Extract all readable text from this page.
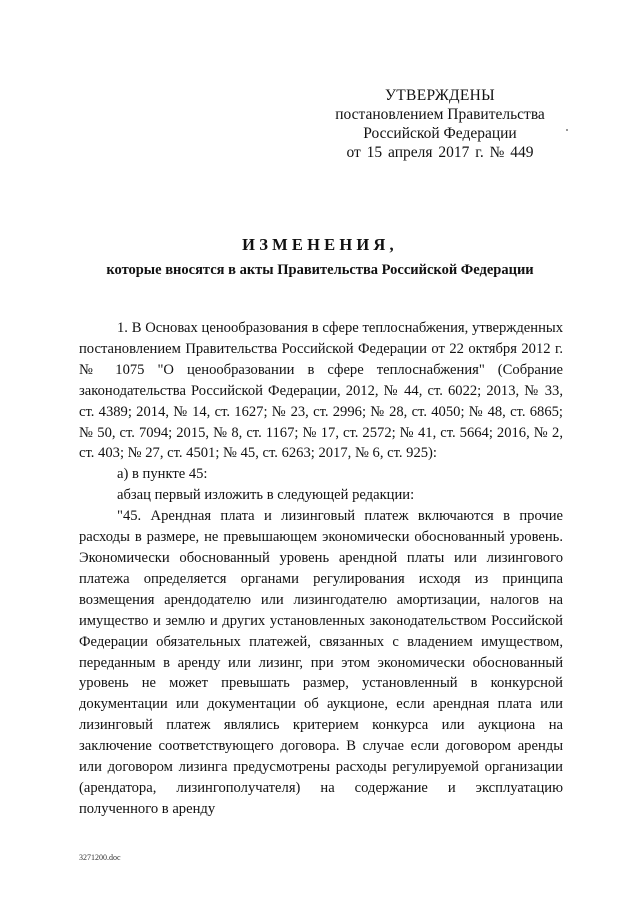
УТВЕРЖДЕНЫ
постановлением Правительства
Российской Федерации
от 15 апреля 2017 г. № 449
ИЗМЕНЕНИЯ,
которые вносятся в акты Правительства Российской Федерации

1. В Основах ценообразования в сфере теплоснабжения, утвержденных постановлением Правительства Российской Федерации от 22 октября 2012 г. № 1075 "О ценообразовании в сфере теплоснабжения" (Собрание законодательства Российской Федерации, 2012, № 44, ст. 6022; 2013, № 33, ст. 4389; 2014, № 14, ст. 1627; № 23, ст. 2996; № 28, ст. 4050; № 48, ст. 6865; № 50, ст. 7094; 2015, № 8, ст. 1167; № 17, ст. 2572; № 41, ст. 5664; 2016, № 2, ст. 403; № 27, ст. 4501; № 45, ст. 6263; 2017, № 6, ст. 925):

а) в пункте 45:

абзац первый изложить в следующей редакции:

"45. Арендная плата и лизинговый платеж включаются в прочие расходы в размере, не превышающем экономически обоснованный уровень. Экономически обоснованный уровень арендной платы или лизингового платежа определяется органами регулирования исходя из принципа возмещения арендодателю или лизингодателю амортизации, налогов на имущество и землю и других установленных законодательством Российской Федерации обязательных платежей, связанных с владением имуществом, переданным в аренду или лизинг, при этом экономически обоснованный уровень не может превышать размер, установленный в конкурсной документации или документации об аукционе, если арендная плата или лизинговый платеж являлись критерием конкурса или аукциона на заключение соответствующего договора. В случае если договором аренды или договором лизинга предусмотрены расходы регулируемой организации (арендатора, лизингополучателя) на содержание и эксплуатацию полученного в аренду

3271200.doc
